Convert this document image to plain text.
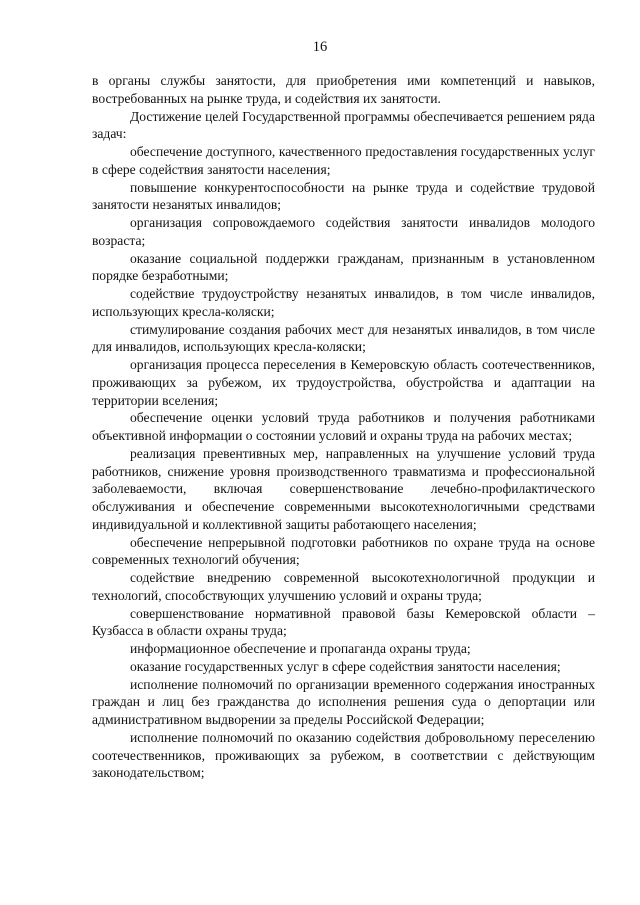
16

в органы службы занятости, для приобретения ими компетенций и навыков, востребованных на рынке труда, и содействия их занятости.

Достижение целей Государственной программы обеспечивается решением ряда задач:

обеспечение доступного, качественного предоставления государственных услуг в сфере содействия занятости населения;

повышение конкурентоспособности на рынке труда и содействие трудовой занятости незанятых инвалидов;

организация сопровождаемого содействия занятости инвалидов молодого возраста;

оказание социальной поддержки гражданам, признанным в установленном порядке безработными;

содействие трудоустройству незанятых инвалидов, в том числе инвалидов, использующих кресла-коляски;

стимулирование создания рабочих мест для незанятых инвалидов, в том числе для инвалидов, использующих кресла-коляски;

организация процесса переселения в Кемеровскую область соотечественников, проживающих за рубежом, их трудоустройства, обустройства и адаптации на территории вселения;

обеспечение оценки условий труда работников и получения работниками объективной информации о состоянии условий и охраны труда на рабочих местах;

реализация превентивных мер, направленных на улучшение условий труда работников, снижение уровня производственного травматизма и профессиональной заболеваемости, включая совершенствование лечебно-профилактического обслуживания и обеспечение современными высокотехнологичными средствами индивидуальной и коллективной защиты работающего населения;

обеспечение непрерывной подготовки работников по охране труда на основе современных технологий обучения;

содействие внедрению современной высокотехнологичной продукции и технологий, способствующих улучшению условий и охраны труда;

совершенствование нормативной правовой базы Кемеровской области – Кузбасса в области охраны труда;

информационное обеспечение и пропаганда охраны труда;

оказание государственных услуг в сфере содействия занятости населения;

исполнение полномочий по организации временного содержания иностранных граждан и лиц без гражданства до исполнения решения суда о депортации или административном выдворении за пределы Российской Федерации;

исполнение полномочий по оказанию содействия добровольному переселению соотечественников, проживающих за рубежом, в соответствии с действующим законодательством;
